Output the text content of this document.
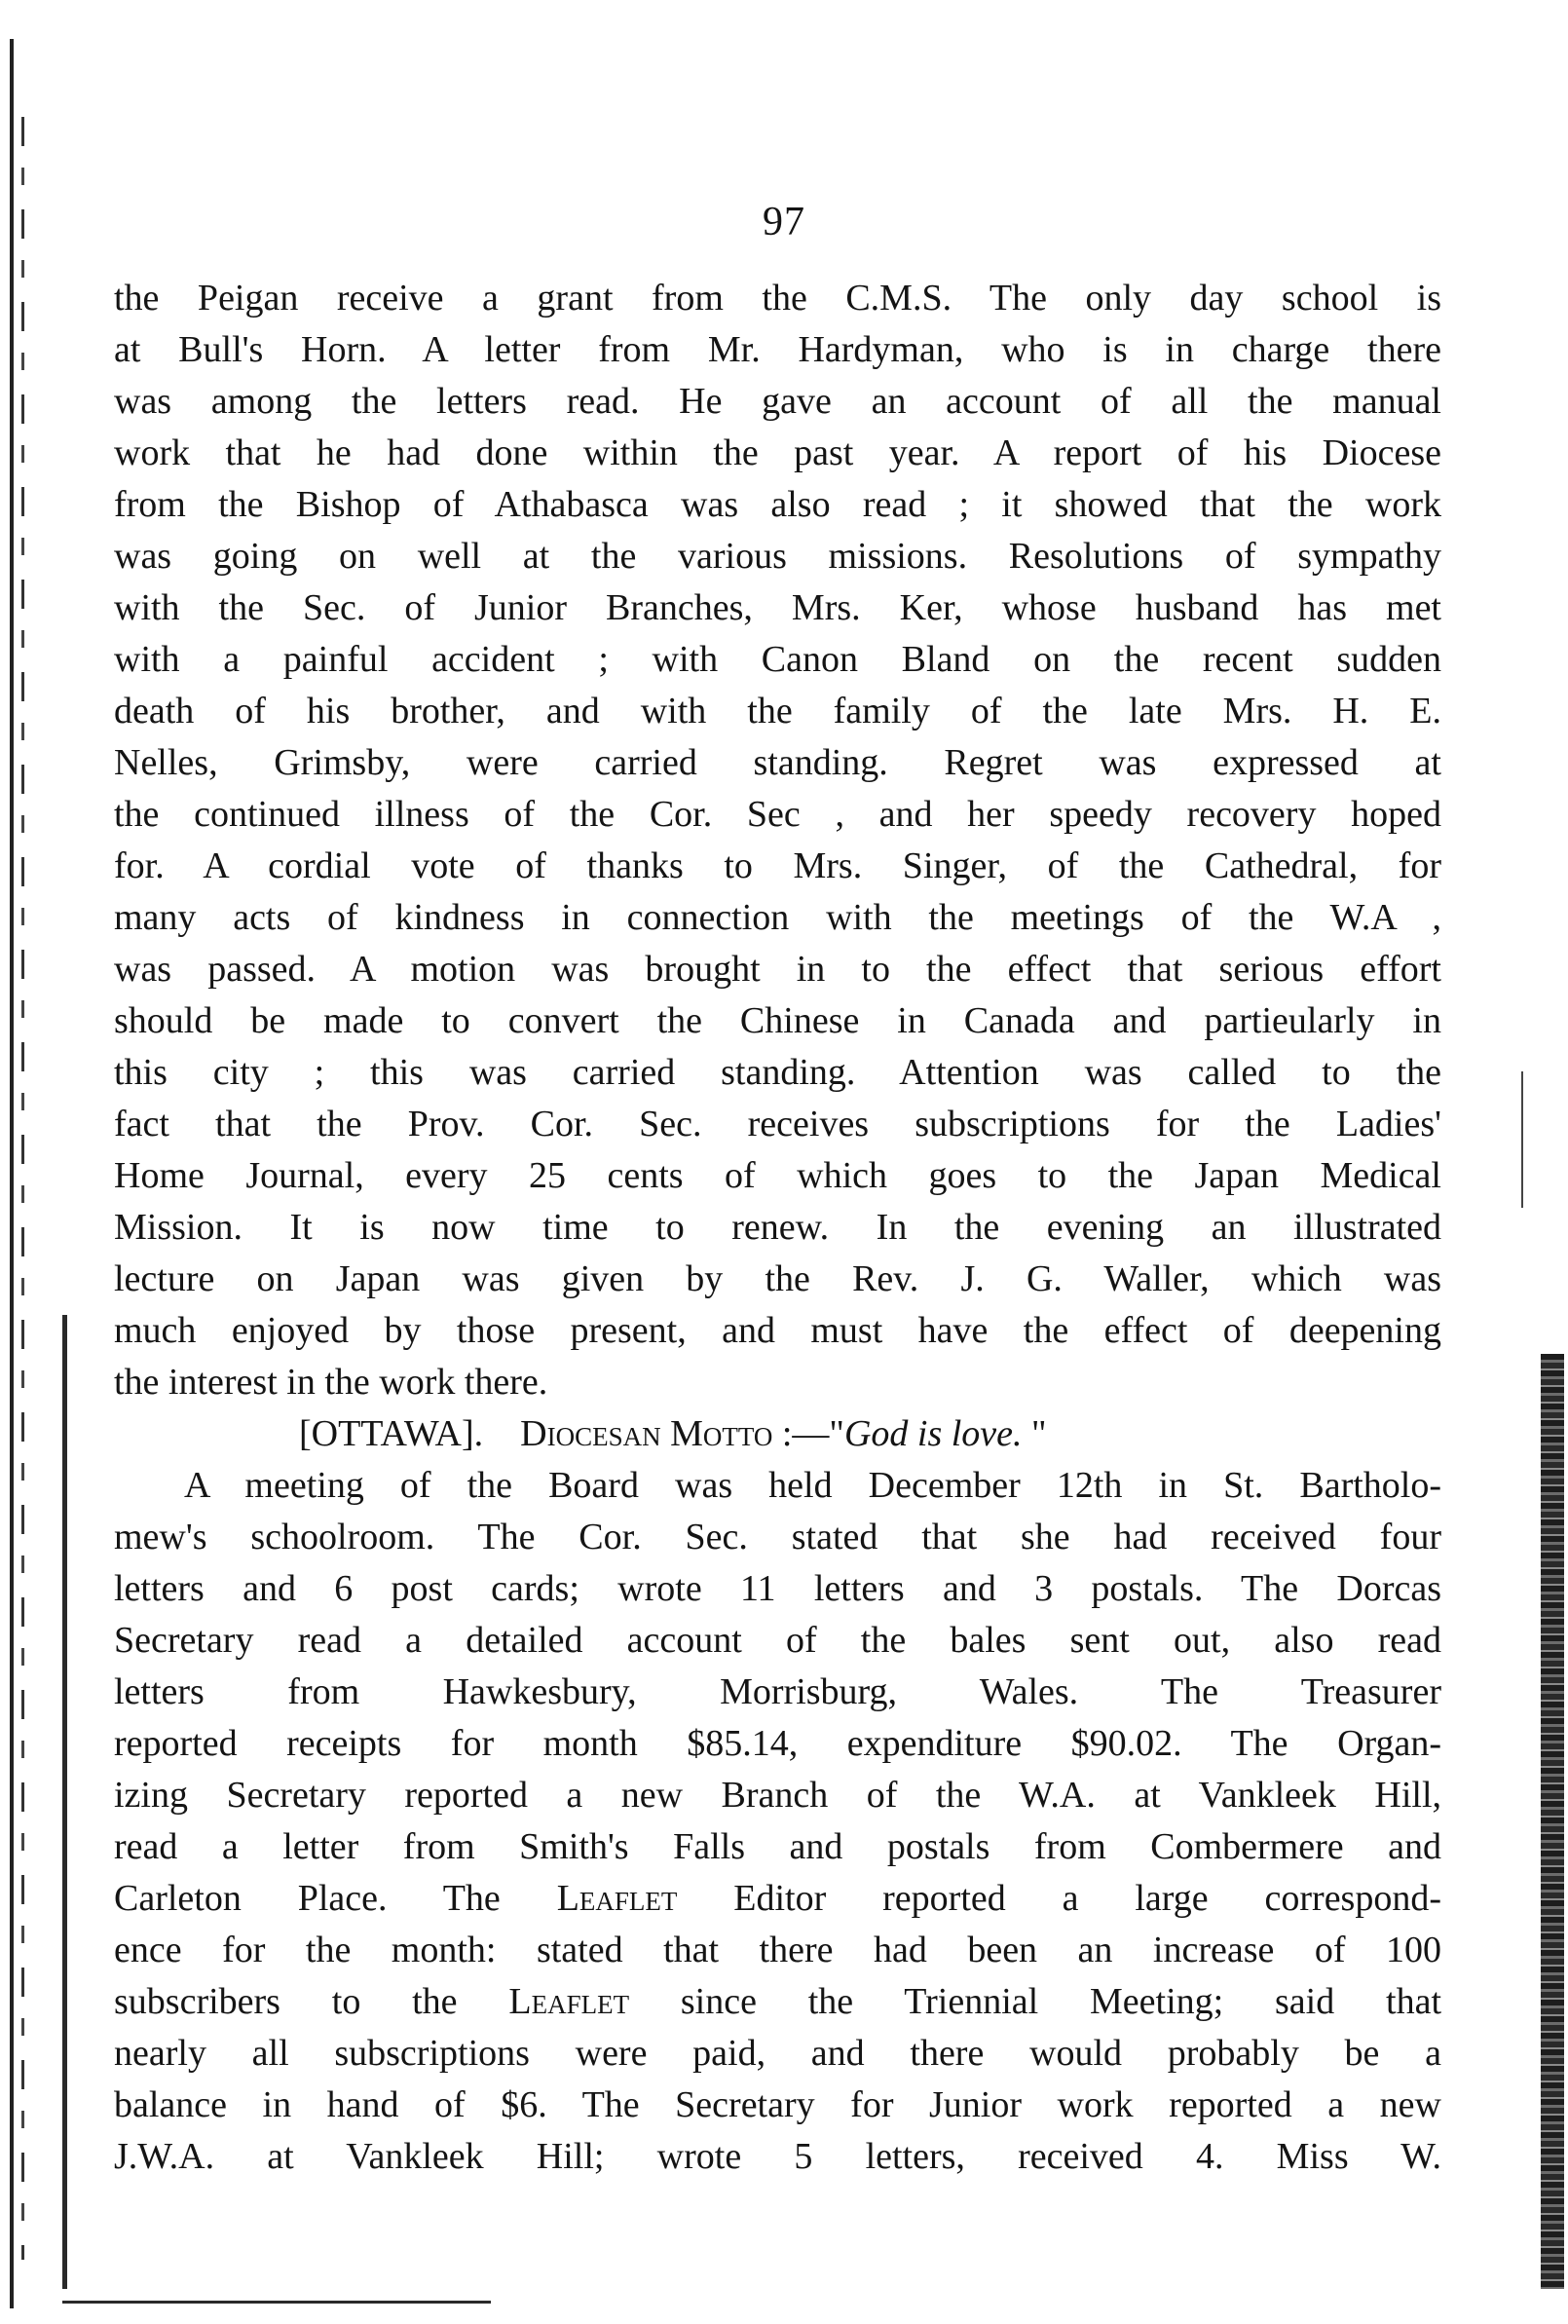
97
the Peigan receive a grant from the C.M.S. The only day school is
at Bull's Horn. A letter from Mr. Hardyman, who is in charge there
was among the letters read. He gave an account of all the manual
work that he had done within the past year. A report of his Diocese
from the Bishop of Athabasca was also read ; it showed that the work
was going on well at the various missions. Resolutions of sympathy
with the Sec. of Junior Branches, Mrs. Ker, whose husband has met
with a painful accident ; with Canon Bland on the recent sudden
death of his brother, and with the family of the late Mrs. H. E.
Nelles, Grimsby, were carried standing. Regret was expressed at
the continued illness of the Cor. Sec , and her speedy recovery hoped
for. A cordial vote of thanks to Mrs. Singer, of the Cathedral, for
many acts of kindness in connection with the meetings of the W.A ,
was passed. A motion was brought in to the effect that serious effort
should be made to convert the Chinese in Canada and partieularly in
this city ; this was carried standing. Attention was called to the
fact that the Prov. Cor. Sec. receives subscriptions for the Ladies'
Home Journal, every 25 cents of which goes to the Japan Medical
Mission. It is now time to renew. In the evening an illustrated
lecture on Japan was given by the Rev. J. G. Waller, which was
much enjoyed by those present, and must have the effect of deepening
the interest in the work there.
[OTTAWA]. Diocesan Motto :—"God is love. "
A meeting of the Board was held December 12th in St. Bartholo-
mew's schoolroom. The Cor. Sec. stated that she had received four
letters and 6 post cards; wrote 11 letters and 3 postals. The Dorcas
Secretary read a detailed account of the bales sent out, also read
letters from Hawkesbury, Morrisburg, Wales. The Treasurer
reported receipts for month $85.14, expenditure $90.02. The Organ-
izing Secretary reported a new Branch of the W.A. at Vankleek Hill,
read a letter from Smith's Falls and postals from Combermere and
Carleton Place. The Leaflet Editor reported a large correspond-
ence for the month: stated that there had been an increase of 100
subscribers to the Leaflet since the Triennial Meeting; said that
nearly all subscriptions were paid, and there would probably be a
balance in hand of $6. The Secretary for Junior work reported a new
J.W.A. at Vankleek Hill; wrote 5 letters, received 4. Miss W.
